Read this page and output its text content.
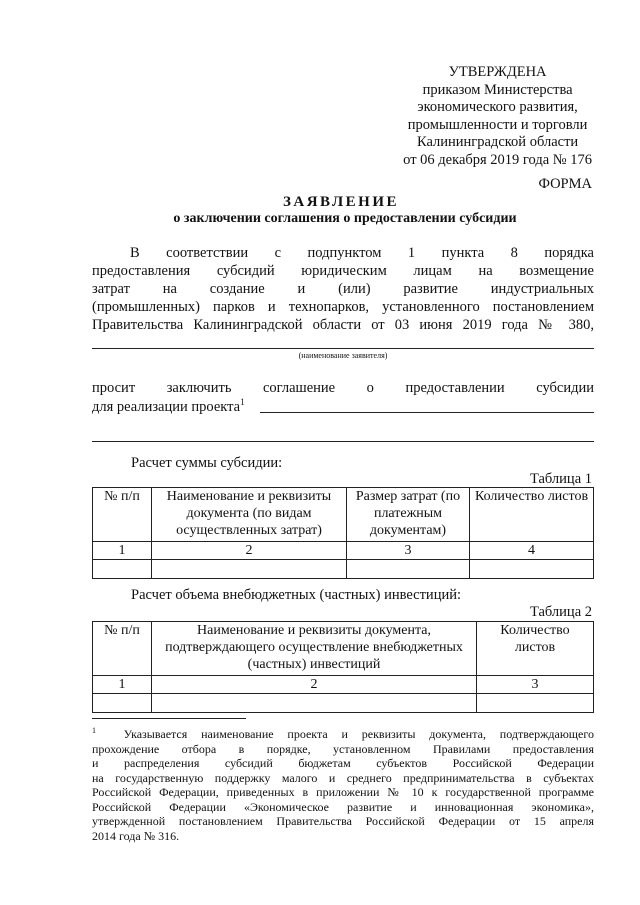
УТВЕРЖДЕНА
приказом Министерства
экономического развития,
промышленности и торговли
Калининградской области
от 06 декабря 2019 года № 176
ФОРМА
ЗАЯВЛЕНИЕ
о заключении соглашения о предоставлении субсидии
В соответствии с подпунктом 1 пункта 8 порядка
предоставления субсидий юридическим лицам на возмещение
затрат на создание и (или) развитие индустриальных
(промышленных) парков и технопарков, установленного постановлением
Правительства Калининградской области от 03 июня 2019 года № 380,
(наименование заявителя)
просит заключить соглашение о предоставлении субсидии
для реализации проекта$^1$
Расчет суммы субсидии:
Таблица 1
№ п/п	Наименование и реквизиты документа (по видам осуществленных затрат)	Размер затрат (по платежным документам)	Количество листов
1	2	3	4

Расчет объема внебюджетных (частных) инвестиций:
Таблица 2
№ п/п	Наименование и реквизиты документа, подтверждающего осуществление внебюджетных (частных) инвестиций	Количество листов
1	2	3

$^1$ Указывается наименование проекта и реквизиты документа, подтверждающего
прохождение отбора в порядке, установленном Правилами предоставления
и распределения субсидий бюджетам субъектов Российской Федерации
на государственную поддержку малого и среднего предпринимательства в субъектах
Российской Федерации, приведенных в приложении № 10 к государственной программе
Российской Федерации «Экономическое развитие и инновационная экономика»,
утвержденной постановлением Правительства Российской Федерации от 15 апреля
2014 года № 316.
